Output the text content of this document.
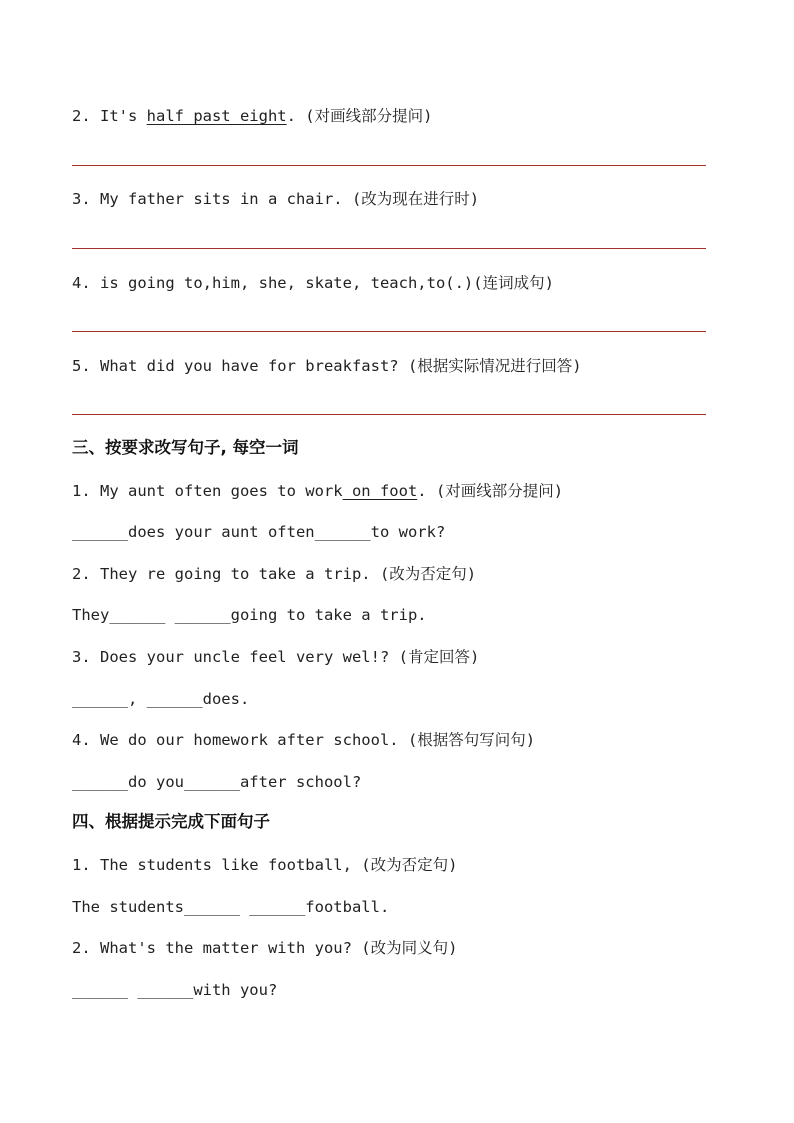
2. It's half past eight. (对画线部分提问)
3. My father sits in a chair. (改为现在进行时)
4. is going to,him, she, skate, teach,to(.)(连词成句)
5. What did you have for breakfast? (根据实际情况进行回答)
三、按要求改写句子, 每空一词
1. My aunt often goes to work on foot. (对画线部分提问)
______does your aunt often______to work?
2. They re going to take a trip. (改为否定句)
They______ ______going to take a trip.
3. Does your uncle feel very wel!? (肯定回答)
______, ______does.
4. We do our homework after school. (根据答句写问句)
______do you______after school?
四、根据提示完成下面句子
1. The students like football, (改为否定句)
The students______ ______football.
2. What's the matter with you? (改为同义句)
______ ______with you?
